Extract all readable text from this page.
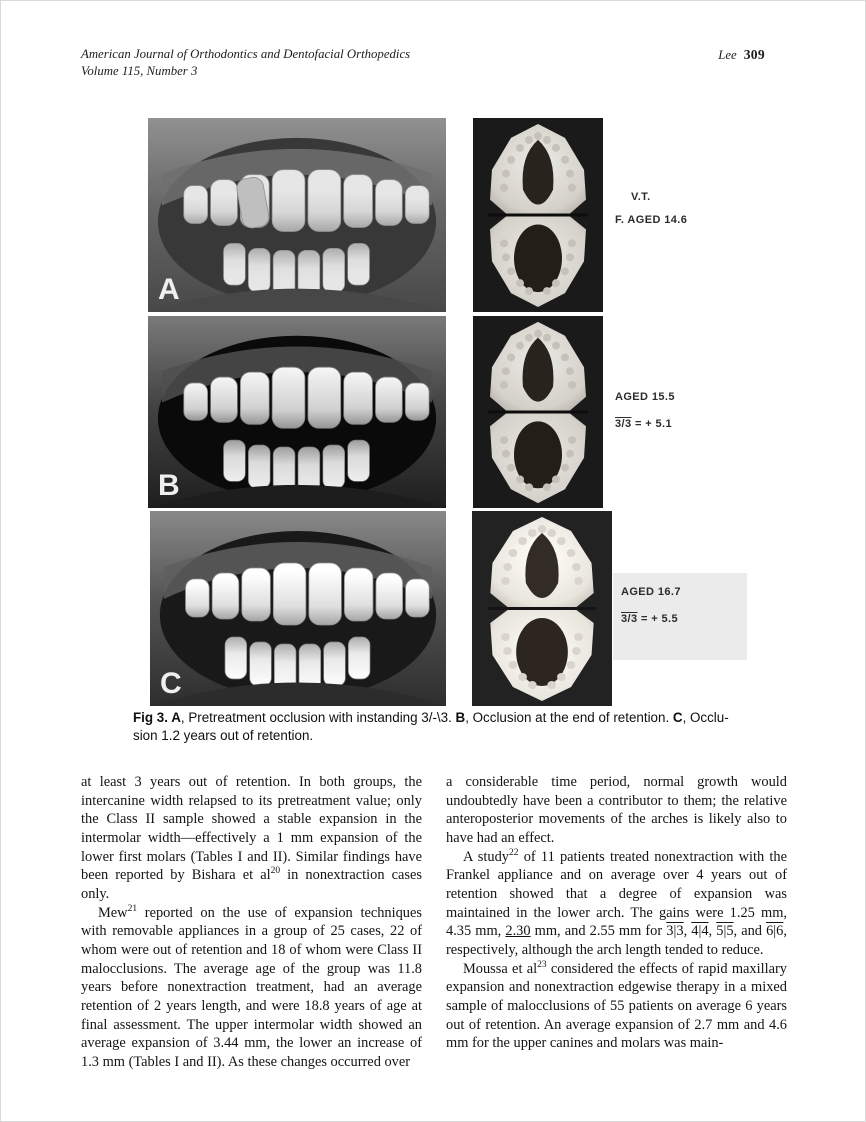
American Journal of Orthodontics and Dentofacial Orthopedics
Volume 115, Number 3
Lee 309
A
V.T.
F. AGED 14.6
B
AGED 15.5
3/3 = + 5.1
C
AGED 16.7
3/3 = + 5.5
Fig 3. A, Pretreatment occlusion with instanding 3/-\3. B, Occlusion at the end of retention. C, Occlu-
sion 1.2 years out of retention.

at least 3 years out of retention. In both groups, the intercanine width relapsed to its pretreatment value; only the Class II sample showed a stable expansion in the intermolar width—effectively a 1 mm expansion of the lower first molars (Tables I and II). Similar findings have been reported by Bishara et $al^{20}$ in nonextraction cases only.

Mew$^{21}$ reported on the use of expansion techniques with removable appliances in a group of 25 cases, 22 of whom were out of retention and 18 of whom were Class II malocclusions. The average age of the group was 11.8 years before nonextraction treatment, had an average retention of 2 years length, and were 18.8 years of age at final assessment. The upper intermolar width showed an average expansion of 3.44 mm, the lower an increase of 1.3 mm (Tables I and II). As these changes occurred over

a considerable time period, normal growth would undoubtedly have been a contributor to them; the relative anteroposterior movements of the arches is likely also to have had an effect.

A study$^{22}$ of 11 patients treated nonextraction with the Frankel appliance and on average over 4 years out of retention showed that a degree of expansion was maintained in the lower arch. The gains were 1.25 mm, 4.35 mm, 2.30 mm, and 2.55 mm for 3|3, 4|4, 5|5, and 6|6, respectively, although the arch length tended to reduce.

Moussa et $al^{23}$ considered the effects of rapid maxillary expansion and nonextraction edgewise therapy in a mixed sample of malocclusions of 55 patients on average 6 years out of retention. An average expansion of 2.7 mm and 4.6 mm for the upper canines and molars was main-
